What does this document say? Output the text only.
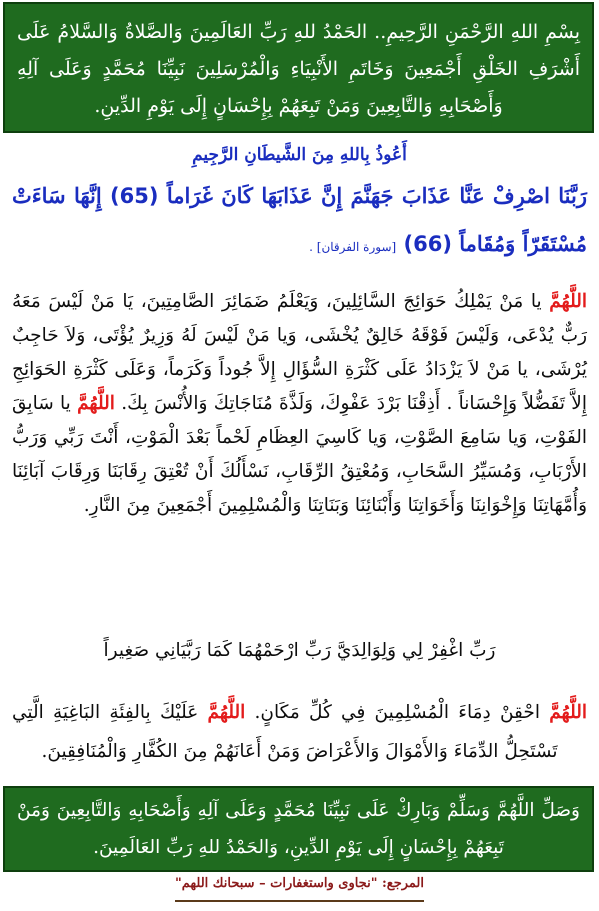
بِسْمِ اللهِ الرَّحْمَنِ الرَّحِيمِ.. الحَمْدُ للهِ رَبِّ العَالَمِينَ وَالصَّلاةُ وَالسَّلامُ عَلَى أَشْرَفِ الخَلْقِ أَجْمَعِينَ وَخَاتَمِ الأَنْبِيَاءِ وَالْمُرْسَلِينَ نَبِيِّنَا مُحَمَّدٍ وَعَلَى آلِهِ وَأَصْحَابِهِ وَالتَّابِعِينَ وَمَنْ تَبِعَهُمْ بِإِحْسَانٍ إِلَى يَوْمِ الدِّينِ.
أَعُوذُ بِاللهِ مِنَ الشَّيطَانِ الرَّجِيمِ
رَبَّنَا اصْرِفْ عَنَّا عَذَابَ جَهَنَّمَ إِنَّ عَذَابَهَا كَانَ غَرَاماً (65) إِنَّهَا سَاءَتْ مُسْتَقَرّاً وَمُقَاماً (66) [سورة الفرقان] .
اللَّهُمَّ يا مَنْ يَمْلِكُ حَوَائِجَ السَّائِلِينَ، وَيَعْلَمُ ضَمَائِرَ الصَّامِتِينَ، يَا مَنْ لَيْسَ مَعَهُ رَبٌّ يُدْعَى، وَلَيْسَ فَوْقَهُ خَالِقٌ يُخْشَى، وَيا مَنْ لَيْسَ لَهُ وَزِيرٌ يُؤْتَى، وَلاَ حَاجِبٌ يُرْشَى، يا مَنْ لاَ يَزْدَادُ عَلَى كَثْرَةِ السُّؤَالِ إِلاَّ جُوداً وَكَرَماً، وَعَلَى كَثْرَةِ الحَوَائِجِ إِلاَّ تَفَضُّلاً وَإِحْسَاناً . أَذِقْنَا بَرْدَ عَفْوِكَ، وَلَذَّةَ مُنَاجَاتِكَ وَالأُنْسَ بِكَ. اللَّهُمَّ يا سَابِقَ الفَوْتِ، وَيا سَامِعَ الصَّوْتِ، وَيا كَاسِيَ العِظَامِ لَحْماً بَعْدَ الْمَوْتِ، أَنْتَ رَبِّي وَرَبُّ الأَرْبَابِ، وَمُسَيِّرُ السَّحَابِ، وَمُعْتِقُ الرِّقَابِ، نَسْأَلُكَ أَنْ تُعْتِقَ رِقَابَنَا وَرِقَابَ آبَائِنَا وَأُمَّهَاتِنَا وَإِخْوَانِنَا وَأَخَوَاتِنَا وَأَبْنَائِنَا وَبَنَاتِنَا وَالْمُسْلِمِينَ أَجْمَعِينَ مِنَ النَّارِ.
رَبِّ اغْفِرْ لِي وَلِوَالِدَيَّ رَبِّ ارْحَمْهُمَا كَمَا رَبَّيَانِي صَغِيراً
اللَّهُمَّ احْقِنْ دِمَاءَ الْمُسْلِمِينَ فِي كُلِّ مَكَانٍ. اللَّهُمَّ عَلَيْكَ بِالفِئَةِ البَاغِيَةِ الَّتِي تَسْتَحِلُّ الدِّمَاءَ وَالأَمْوَالَ وَالأَعْرَاضَ وَمَنْ أَعَانَهُمْ مِنَ الكُفَّارِ وَالْمُنَافِقِينَ.
وَصَلِّ اللَّهُمَّ وَسَلِّمْ وَبَارِكْ عَلَى نَبِيِّنَا مُحَمَّدٍ وَعَلَى آلِهِ وَأَصْحَابِهِ وَالتَّابِعِينَ وَمَنْ تَبِعَهُمْ بِإِحْسَانٍ إِلَى يَوْمِ الدِّينِ، وَالحَمْدُ للهِ رَبِّ العَالَمِينَ.
المرجع: "نجاوى واستغفارات – سبحانك اللهم"
